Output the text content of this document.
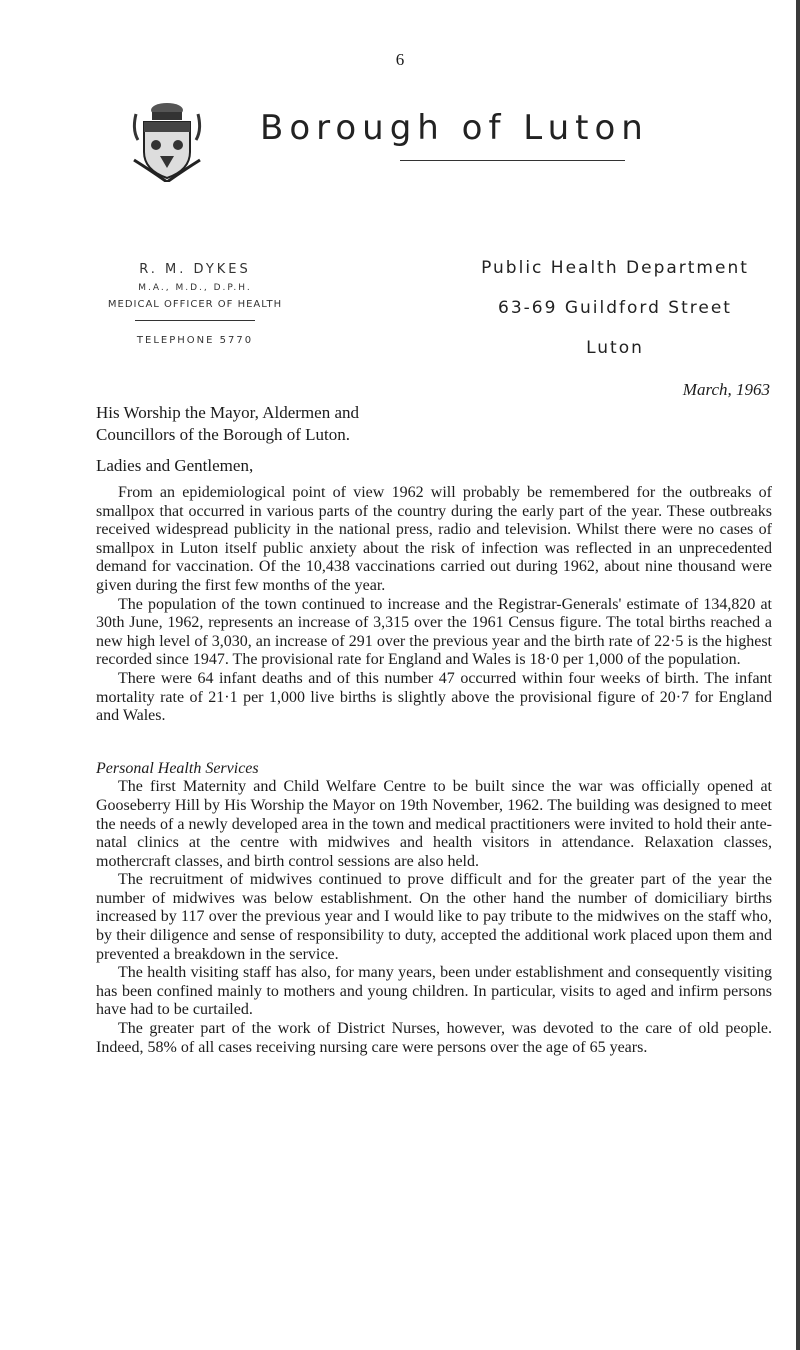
6
Borough of Luton
R. M. DYKES
M.A., M.D., D.P.H.
MEDICAL OFFICER OF HEALTH
TELEPHONE 5770
Public Health Department
63-69 Guildford Street
Luton
March, 1963
His Worship the Mayor, Aldermen and
Councillors of the Borough of Luton.
Ladies and Gentlemen,

From an epidemiological point of view 1962 will probably be remembered for the outbreaks of smallpox that occurred in various parts of the country during the early part of the year. These outbreaks received widespread publicity in the national press, radio and television. Whilst there were no cases of smallpox in Luton itself public anxiety about the risk of infection was reflected in an unprecedented demand for vaccination. Of the 10,438 vaccinations carried out during 1962, about nine thousand were given during the first few months of the year.

The population of the town continued to increase and the Registrar-Generals' estimate of 134,820 at 30th June, 1962, represents an increase of 3,315 over the 1961 Census figure. The total births reached a new high level of 3,030, an increase of 291 over the previous year and the birth rate of 22·5 is the highest recorded since 1947. The provisional rate for England and Wales is 18·0 per 1,000 of the population.

There were 64 infant deaths and of this number 47 occurred within four weeks of birth. The infant mortality rate of 21·1 per 1,000 live births is slightly above the provisional figure of 20·7 for England and Wales.

Personal Health Services

The first Maternity and Child Welfare Centre to be built since the war was officially opened at Gooseberry Hill by His Worship the Mayor on 19th November, 1962. The building was designed to meet the needs of a newly developed area in the town and medical practitioners were invited to hold their ante-natal clinics at the centre with midwives and health visitors in attendance. Relaxation classes, mothercraft classes, and birth control sessions are also held.

The recruitment of midwives continued to prove difficult and for the greater part of the year the number of midwives was below establishment. On the other hand the number of domiciliary births increased by 117 over the previous year and I would like to pay tribute to the midwives on the staff who, by their diligence and sense of responsibility to duty, accepted the additional work placed upon them and prevented a breakdown in the service.

The health visiting staff has also, for many years, been under establishment and consequently visiting has been confined mainly to mothers and young children. In particular, visits to aged and infirm persons have had to be curtailed.

The greater part of the work of District Nurses, however, was devoted to the care of old people. Indeed, 58% of all cases receiving nursing care were persons over the age of 65 years.
